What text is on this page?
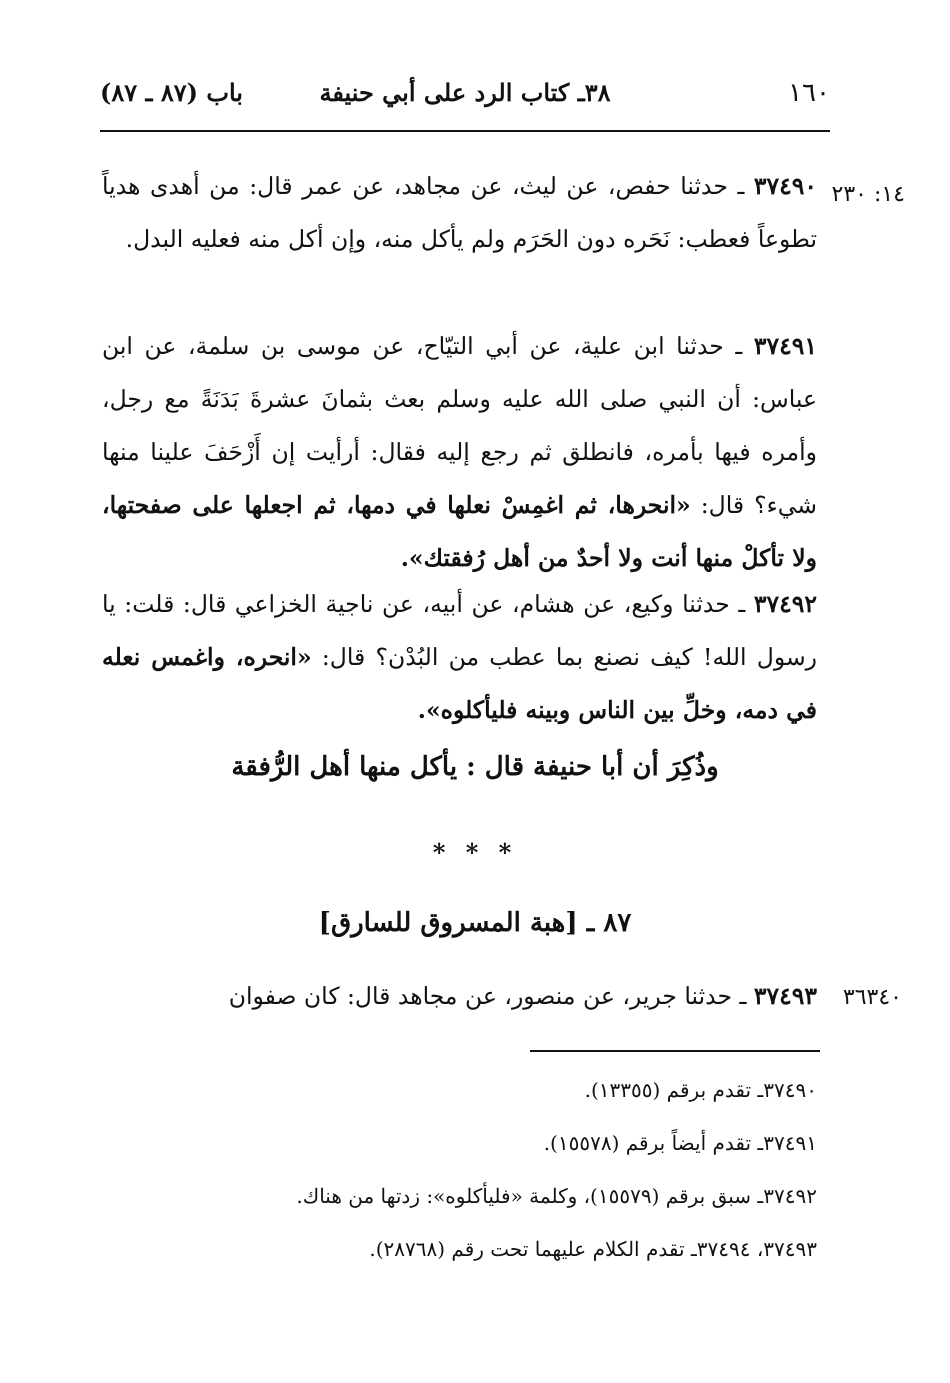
١٦٠
٣٨ـ كتاب الرد على أبي حنيفة
باب (٨٧ ـ ٨٧)
١٤: ٢٣٠
٣٦٣٤٠
٣٧٤٩٠ ـ حدثنا حفص، عن ليث، عن مجاهد، عن عمر قال: من أهدى هدياً تطوعاً فعطب: نَحَره دون الحَرَم ولم يأكل منه، وإن أكل منه فعليه البدل.
٣٧٤٩١ ـ حدثنا ابن علية، عن أبي التيّاح، عن موسى بن سلمة، عن ابن عباس: أن النبي صلى الله عليه وسلم بعث بثمانَ عشرةَ بَدَنَةً مع رجل، وأمره فيها بأمره، فانطلق ثم رجع إليه فقال: أرأيت إن أَزْحَفَ علينا منها شيء؟ قال: «انحرها، ثم اغمِسْ نعلها في دمها، ثم اجعلها على صفحتها، ولا تأكلْ منها أنت ولا أحدٌ من أهل رُفقتك».
٣٧٤٩٢ ـ حدثنا وكيع، عن هشام، عن أبيه، عن ناجية الخزاعي قال: قلت: يا رسول الله! كيف نصنع بما عطب من البُدْن؟ قال: «انحره، واغمس نعله في دمه، وخلِّ بين الناس وبينه فليأكلوه».
وذُكِرَ أن أبا حنيفة قال : يأكل منها أهل الرُّفقة
* * *
٨٧ ـ [هبة المسروق للسارق]
٣٧٤٩٣ ـ حدثنا جرير، عن منصور، عن مجاهد قال: كان صفوان
٣٧٤٩٠ـ تقدم برقم (١٣٣٥٥).
٣٧٤٩١ـ تقدم أيضاً برقم (١٥٥٧٨).
٣٧٤٩٢ـ سبق برقم (١٥٥٧٩)، وكلمة «فليأكلوه»: زدتها من هناك.
٣٧٤٩٣، ٣٧٤٩٤ـ تقدم الكلام عليهما تحت رقم (٢٨٧٦٨).
